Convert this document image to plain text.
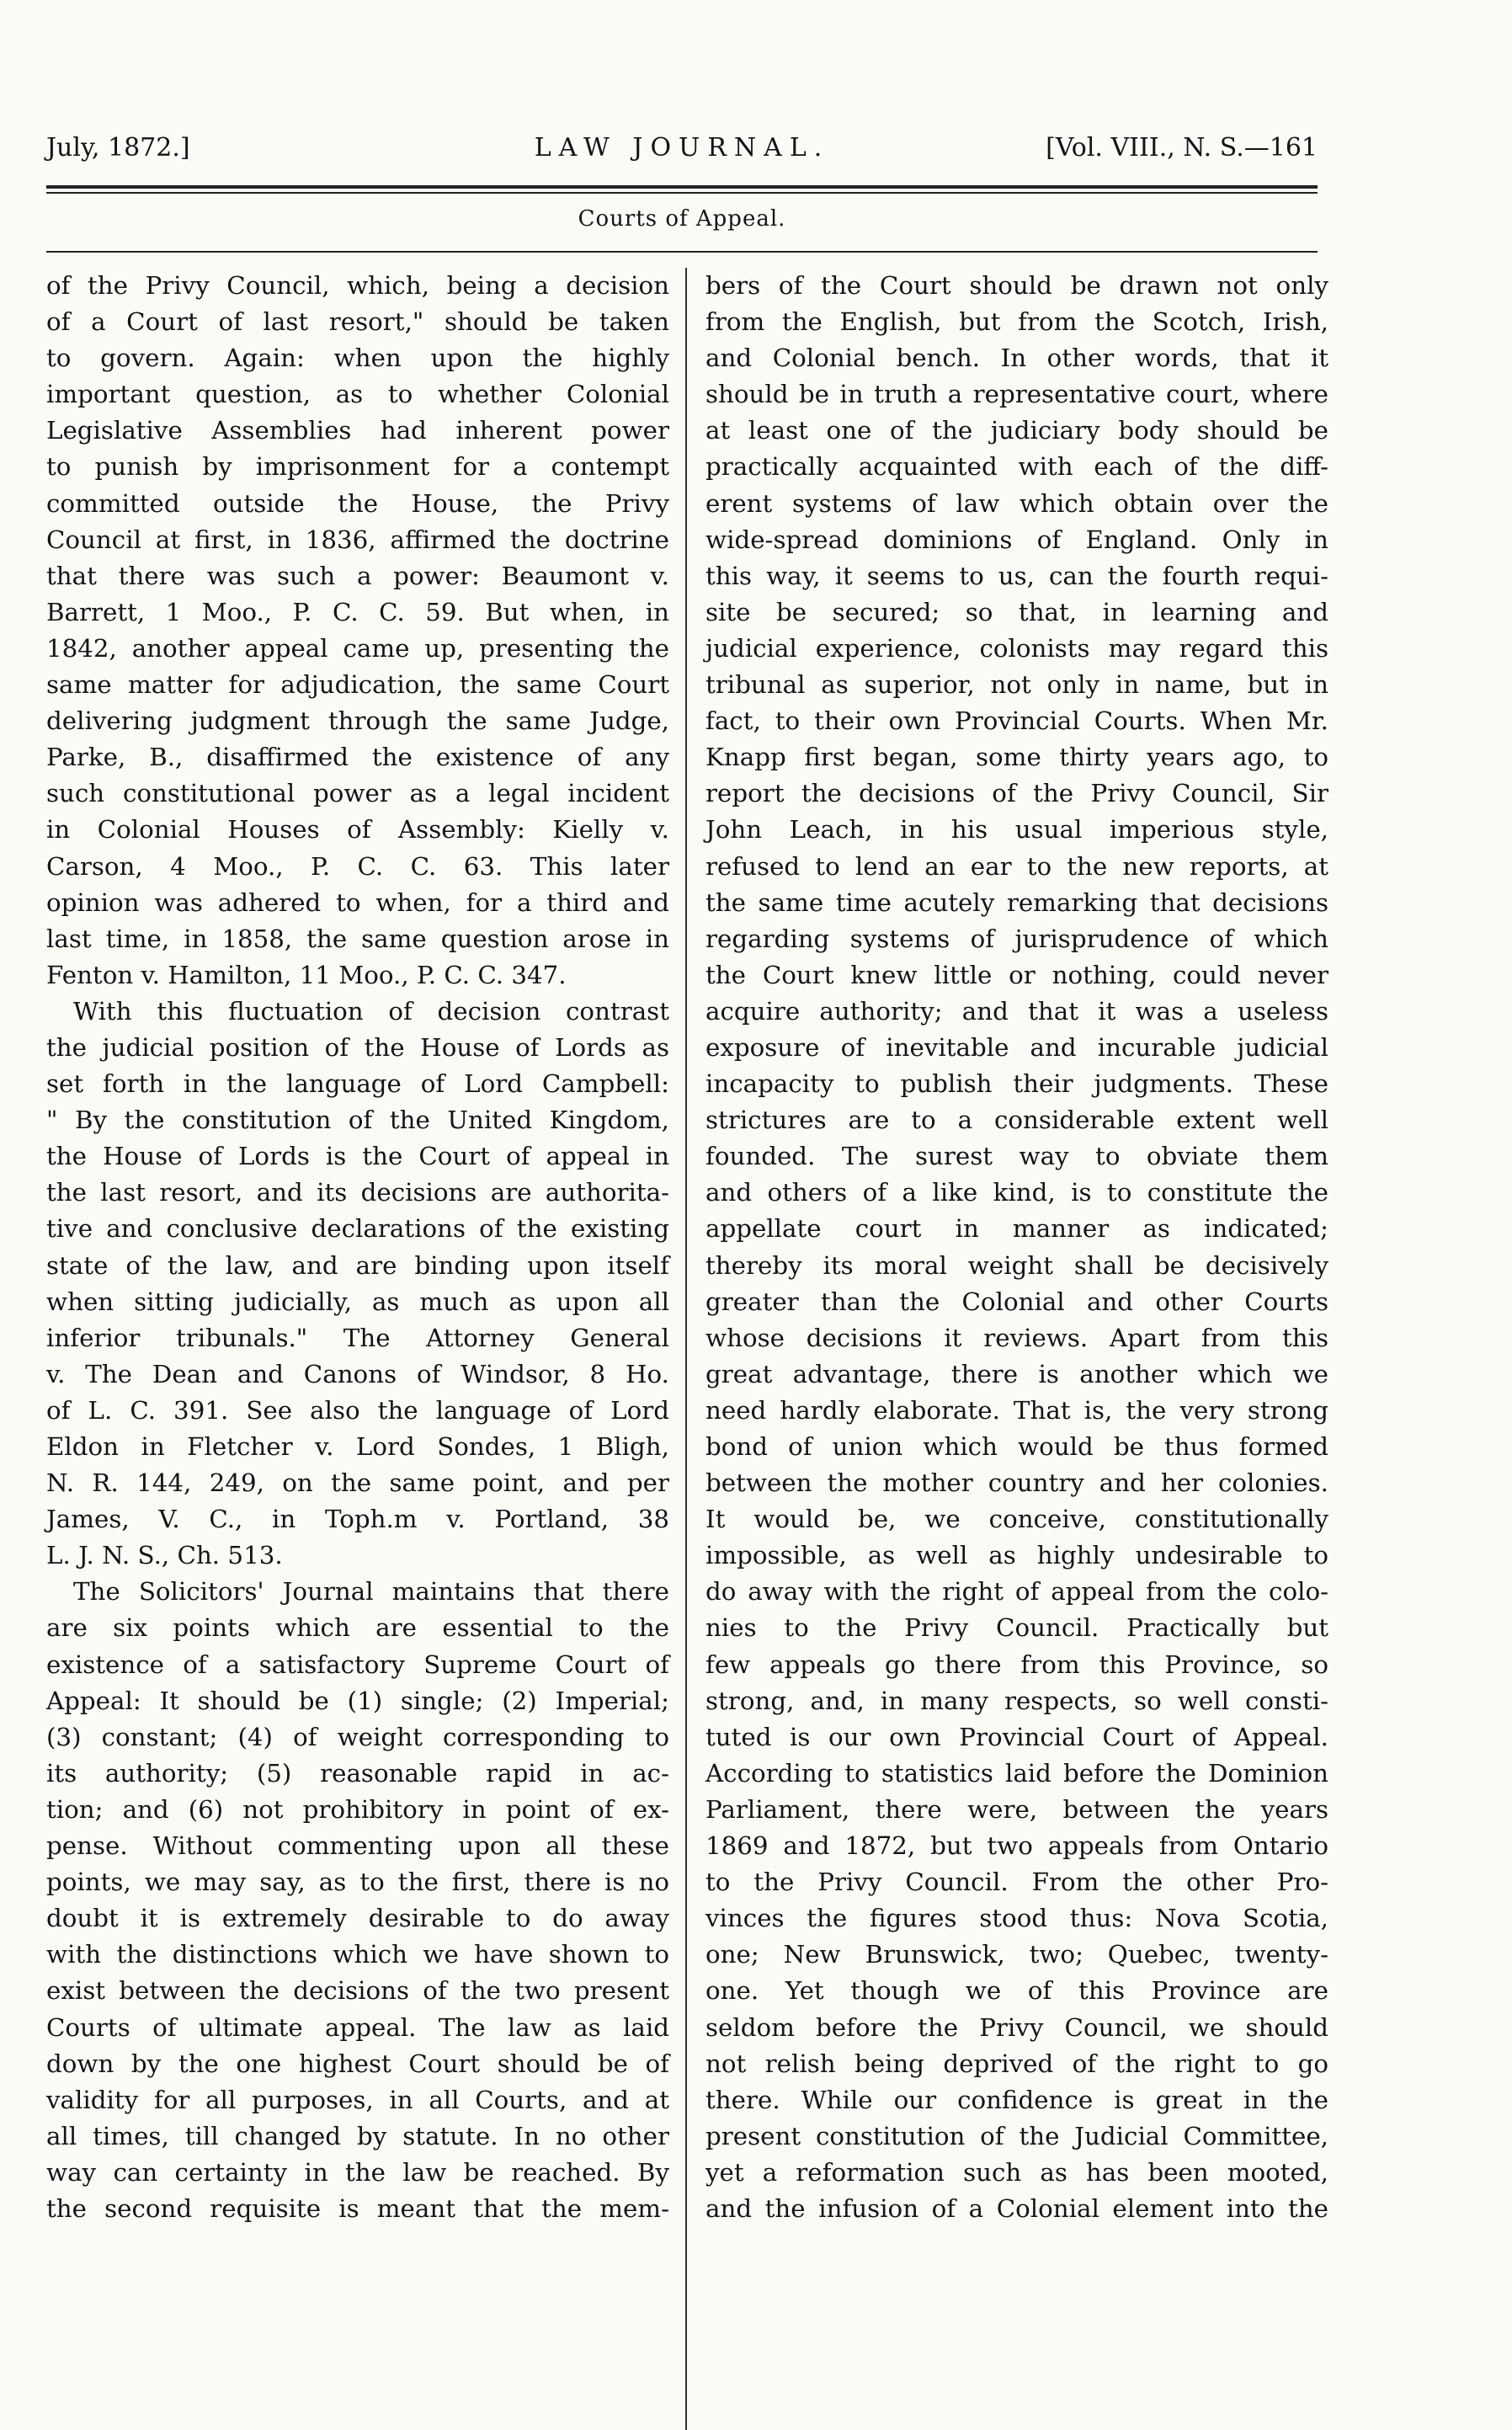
July, 1872.]	LAW JOURNAL.	[Vol. VIII., N. S.—161
Courts of Appeal.
of the Privy Council, which, being a decision
of a Court of last resort," should be taken
to govern. Again: when upon the highly
important question, as to whether Colonial
Legislative Assemblies had inherent power
to punish by imprisonment for a contempt
committed outside the House, the Privy
Council at first, in 1836, affirmed the doctrine
that there was such a power: Beaumont v.
Barrett, 1 Moo., P. C. C. 59. But when, in
1842, another appeal came up, presenting the
same matter for adjudication, the same Court
delivering judgment through the same Judge,
Parke, B., disaffirmed the existence of any
such constitutional power as a legal incident
in Colonial Houses of Assembly: Kielly v.
Carson, 4 Moo., P. C. C. 63. This later
opinion was adhered to when, for a third and
last time, in 1858, the same question arose in
Fenton v. Hamilton, 11 Moo., P. C. C. 347.
With this fluctuation of decision contrast
the judicial position of the House of Lords as
set forth in the language of Lord Campbell:
" By the constitution of the United Kingdom,
the House of Lords is the Court of appeal in
the last resort, and its decisions are authorita-
tive and conclusive declarations of the existing
state of the law, and are binding upon itself
when sitting judicially, as much as upon all
inferior tribunals." The Attorney General
v. The Dean and Canons of Windsor, 8 Ho.
of L. C. 391. See also the language of Lord
Eldon in Fletcher v. Lord Sondes, 1 Bligh,
N. R. 144, 249, on the same point, and per
James, V. C., in Toph.m v. Portland, 38
L. J. N. S., Ch. 513.
The Solicitors' Journal maintains that there
are six points which are essential to the
existence of a satisfactory Supreme Court of
Appeal: It should be (1) single; (2) Imperial;
(3) constant; (4) of weight corresponding to
its authority; (5) reasonable rapid in ac-
tion; and (6) not prohibitory in point of ex-
pense. Without commenting upon all these
points, we may say, as to the first, there is no
doubt it is extremely desirable to do away
with the distinctions which we have shown to
exist between the decisions of the two present
Courts of ultimate appeal. The law as laid
down by the one highest Court should be of
validity for all purposes, in all Courts, and at
all times, till changed by statute. In no other
way can certainty in the law be reached. By
the second requisite is meant that the mem-
bers of the Court should be drawn not only
from the English, but from the Scotch, Irish,
and Colonial bench. In other words, that it
should be in truth a representative court, where
at least one of the judiciary body should be
practically acquainted with each of the diff-
erent systems of law which obtain over the
wide-spread dominions of England. Only in
this way, it seems to us, can the fourth requi-
site be secured; so that, in learning and
judicial experience, colonists may regard this
tribunal as superior, not only in name, but in
fact, to their own Provincial Courts. When Mr.
Knapp first began, some thirty years ago, to
report the decisions of the Privy Council, Sir
John Leach, in his usual imperious style,
refused to lend an ear to the new reports, at
the same time acutely remarking that decisions
regarding systems of jurisprudence of which
the Court knew little or nothing, could never
acquire authority; and that it was a useless
exposure of inevitable and incurable judicial
incapacity to publish their judgments. These
strictures are to a considerable extent well
founded. The surest way to obviate them
and others of a like kind, is to constitute the
appellate court in manner as indicated;
thereby its moral weight shall be decisively
greater than the Colonial and other Courts
whose decisions it reviews. Apart from this
great advantage, there is another which we
need hardly elaborate. That is, the very strong
bond of union which would be thus formed
between the mother country and her colonies.
It would be, we conceive, constitutionally
impossible, as well as highly undesirable to
do away with the right of appeal from the colo-
nies to the Privy Council. Practically but
few appeals go there from this Province, so
strong, and, in many respects, so well consti-
tuted is our own Provincial Court of Appeal.
According to statistics laid before the Dominion
Parliament, there were, between the years
1869 and 1872, but two appeals from Ontario
to the Privy Council. From the other Pro-
vinces the figures stood thus: Nova Scotia,
one; New Brunswick, two; Quebec, twenty-
one. Yet though we of this Province are
seldom before the Privy Council, we should
not relish being deprived of the right to go
there. While our confidence is great in the
present constitution of the Judicial Committee,
yet a reformation such as has been mooted,
and the infusion of a Colonial element into the
